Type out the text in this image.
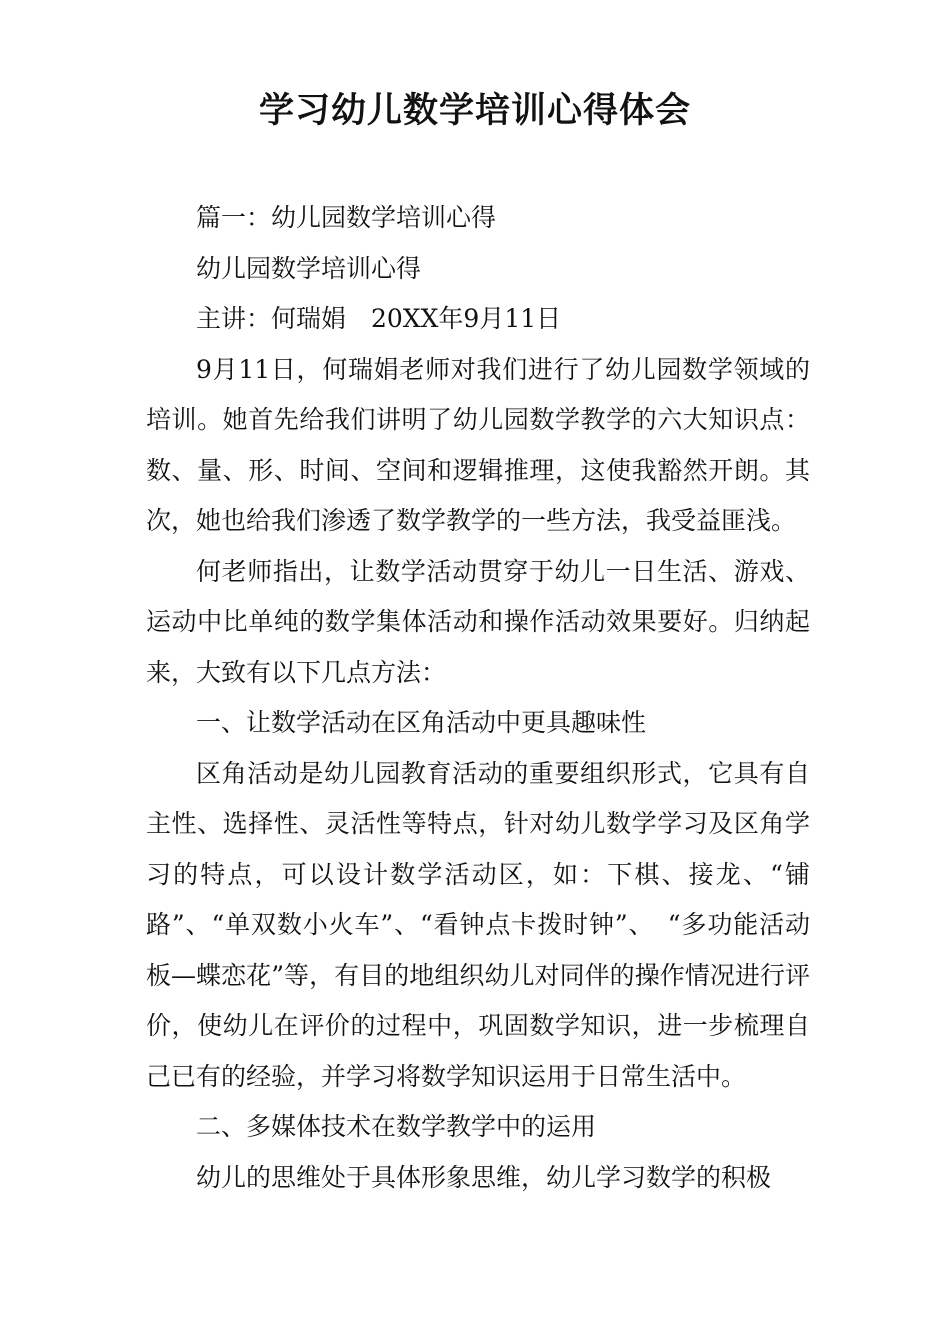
学习幼儿数学培训心得体会

篇一：幼儿园数学培训心得

幼儿园数学培训心得

主讲：何瑞娟　20XX年9月11日

9月11日，何瑞娟老师对我们进行了幼儿园数学领域的培训。她首先给我们讲明了幼儿园数学教学的六大知识点：数、量、形、时间、空间和逻辑推理，这使我豁然开朗。其次，她也给我们渗透了数学教学的一些方法，我受益匪浅。

何老师指出，让数学活动贯穿于幼儿一日生活、游戏、运动中比单纯的数学集体活动和操作活动效果要好。归纳起来，大致有以下几点方法：

一、让数学活动在区角活动中更具趣味性

区角活动是幼儿园教育活动的重要组织形式，它具有自主性、选择性、灵活性等特点，针对幼儿数学学习及区角学习的特点，可以设计数学活动区，如：下棋、接龙、“铺路”、“单双数小火车”、“看钟点卡拨时钟”、　“多功能活动板—蝶恋花”等，有目的地组织幼儿对同伴的操作情况进行评价，使幼儿在评价的过程中，巩固数学知识，进一步梳理自己已有的经验，并学习将数学知识运用于日常生活中。

二、多媒体技术在数学教学中的运用

幼儿的思维处于具体形象思维，幼儿学习数学的积极
